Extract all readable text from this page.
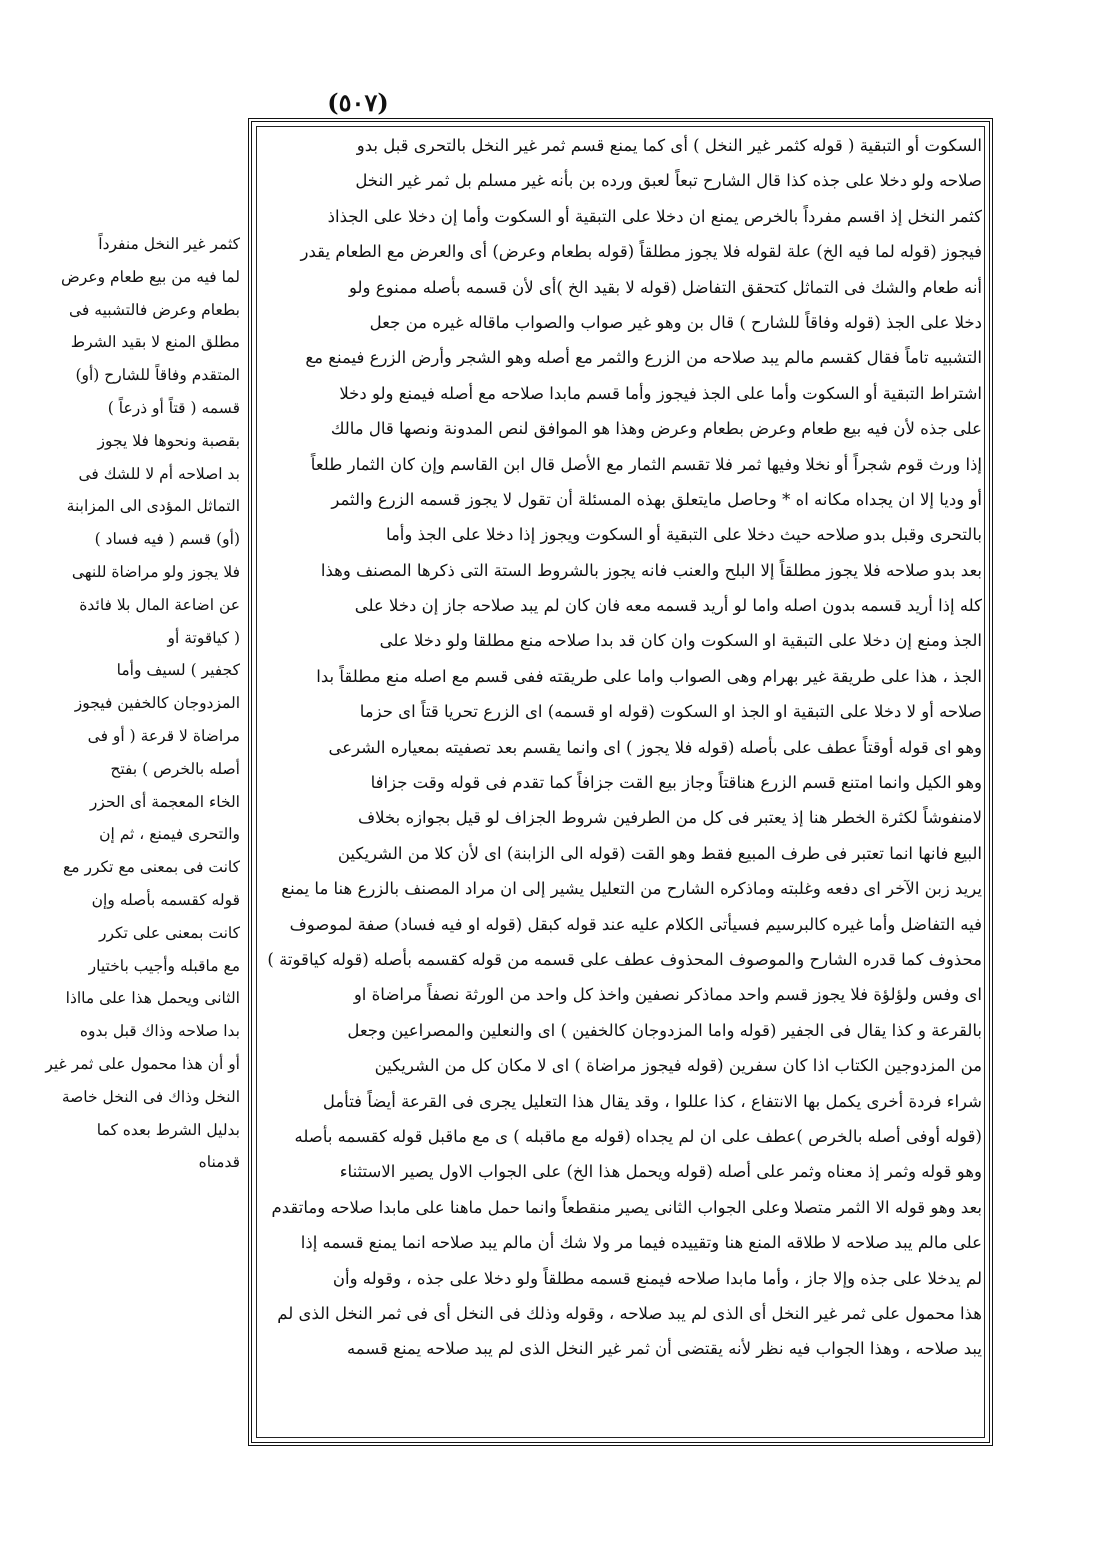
(٥٠٧)
السكوت أو التبقية ( قوله كثمر غير النخل ) أى كما يمنع قسم ثمر غير النخل بالتحرى قبل بدو
صلاحه ولو دخلا على جذه كذا قال الشارح تبعاً لعبق ورده بن بأنه غير مسلم بل ثمر غير النخل
كثمر النخل إذ اقسم مفرداً بالخرص يمنع ان دخلا على التبقية أو السكوت وأما إن دخلا على الجذاذ
فيجوز (قوله لما فيه الخ) علة لقوله فلا يجوز مطلقاً (قوله بطعام وعرض) أى والعرض مع الطعام يقدر
أنه طعام والشك فى التماثل كتحقق التفاضل (قوله لا بقيد الخ )أى لأن قسمه بأصله ممنوع ولو
دخلا على الجذ (قوله وفاقاً للشارح ) قال بن وهو غير صواب والصواب ماقاله غيره من جعل
التشبيه تاماً فقال كقسم مالم يبد صلاحه من الزرع والثمر مع أصله وهو الشجر وأرض الزرع فيمنع مع
اشتراط التبقية أو السكوت وأما على الجذ فيجوز وأما قسم مابدا صلاحه مع أصله فيمنع ولو دخلا
على جذه لأن فيه بيع طعام وعرض بطعام وعرض وهذا هو الموافق لنص المدونة ونصها قال مالك
إذا ورث قوم شجراً أو نخلا وفيها ثمر فلا تقسم الثمار مع الأصل قال ابن القاسم وإن كان الثمار طلعاً
أو وديا إلا ان يجداه مكانه اه * وحاصل مايتعلق بهذه المسئلة أن تقول لا يجوز قسمه الزرع والثمر
بالتحرى وقبل بدو صلاحه حيث دخلا على التبقية أو السكوت ويجوز إذا دخلا على الجذ وأما
بعد بدو صلاحه فلا يجوز مطلقاً إلا البلح والعنب فانه يجوز بالشروط الستة التى ذكرها المصنف وهذا
كله إذا أريد قسمه بدون اصله واما لو أريد قسمه معه فان كان لم يبد صلاحه جاز إن دخلا على
الجذ ومنع إن دخلا على التبقية او السكوت وان كان قد بدا صلاحه منع مطلقا ولو دخلا على
الجذ ، هذا على طريقة غير بهرام وهى الصواب واما على طريقته ففى قسم مع اصله منع مطلقاً بدا
صلاحه أو لا دخلا على التبقية او الجذ او السكوت (قوله او قسمه) اى الزرع تحريا قتاً اى حزما
وهو اى قوله أوقتاً عطف على بأصله (قوله فلا يجوز ) اى وانما يقسم بعد تصفيته بمعياره الشرعى
وهو الكيل وانما امتنع قسم الزرع هناقتاً وجاز بيع القت جزافاً كما تقدم فى قوله وقت جزافا
لامنفوشاً لكثرة الخطر هنا إذ يعتبر فى كل من الطرفين شروط الجزاف لو قيل بجوازه بخلاف
البيع فانها انما تعتبر فى طرف المبيع فقط وهو القت (قوله الى الزابنة) اى لأن كلا من الشريكين
يريد زبن الآخر اى دفعه وغلبته وماذكره الشارح من التعليل يشير إلى ان مراد المصنف بالزرع هنا ما يمنع
فيه التفاضل وأما غيره كالبرسيم فسيأتى الكلام عليه عند قوله كبقل (قوله او فيه فساد) صفة لموصوف
محذوف كما قدره الشارح والموصوف المحذوف عطف على قسمه من قوله كقسمه بأصله (قوله كياقوتة )
اى وفس ولؤلؤة فلا يجوز قسم واحد مماذكر نصفين واخذ كل واحد من الورثة نصفاً مراضاة او
بالقرعة و كذا يقال فى الجفير (قوله واما المزدوجان كالخفين ) اى والنعلين والمصراعين وجعل
من المزدوجين الكتاب اذا كان سفرين (قوله فيجوز مراضاة ) اى لا مكان كل من الشريكين
شراء فردة أخرى يكمل بها الانتفاع ، كذا عللوا ، وقد يقال هذا التعليل يجرى فى القرعة أيضاً فتأمل
(قوله أوفى أصله بالخرص )عطف على ان لم يجداه (قوله مع ماقبله ) ى مع ماقبل قوله كقسمه بأصله
وهو قوله وثمر إذ معناه وثمر على أصله (قوله ويحمل هذا الخ) على الجواب الاول يصير الاستثناء
بعد وهو قوله الا الثمر متصلا وعلى الجواب الثانى يصير منقطعاً وانما حمل ماهنا على مابدا صلاحه وماتقدم
على مالم يبد صلاحه لا طلاقه المنع هنا وتقييده فيما مر ولا شك أن مالم يبد صلاحه انما يمنع قسمه إذا
لم يدخلا على جذه وإلا جاز ، وأما مابدا صلاحه فيمنع قسمه مطلقاً ولو دخلا على جذه ، وقوله وأن
هذا محمول على ثمر غير النخل أى الذى لم يبد صلاحه ، وقوله وذلك فى النخل أى فى ثمر النخل الذى لم
يبد صلاحه ، وهذا الجواب فيه نظر لأنه يقتضى أن ثمر غير النخل الذى لم يبد صلاحه يمنع قسمه
كثمر غير النخل منفرداً
لما فيه من بيع طعام وعرض
بطعام وعرض فالتشبيه فى
مطلق المنع لا بقيد الشرط
المتقدم وفاقاً للشارح (أو)
قسمه ( قتاً أو ذرعاً )
بقصبة ونحوها فلا يجوز
بد اصلاحه أم لا للشك فى
التماثل المؤدى الى المزابنة
(أو) قسم ( فيه فساد )
فلا يجوز ولو مراضاة للنهى
عن اضاعة المال بلا فائدة
( كياقوتة أو
كجفير ) لسيف وأما
المزدوجان كالخفين فيجوز
مراضاة لا قرعة ( أو فى
أصله بالخرص ) بفتح
الخاء المعجمة أى الحزر
والتحرى فيمنع ، ثم إن
كانت فى بمعنى مع تكرر مع
قوله كقسمه بأصله وإن
كانت بمعنى على تكرر
مع ماقبله وأجيب باختيار
الثانى ويحمل هذا على مااذا
بدا صلاحه وذاك قبل بدوه
أو أن هذا محمول على ثمر غير
النخل وذاك فى النخل خاصة
بدليل الشرط بعده كما
قدمناه
